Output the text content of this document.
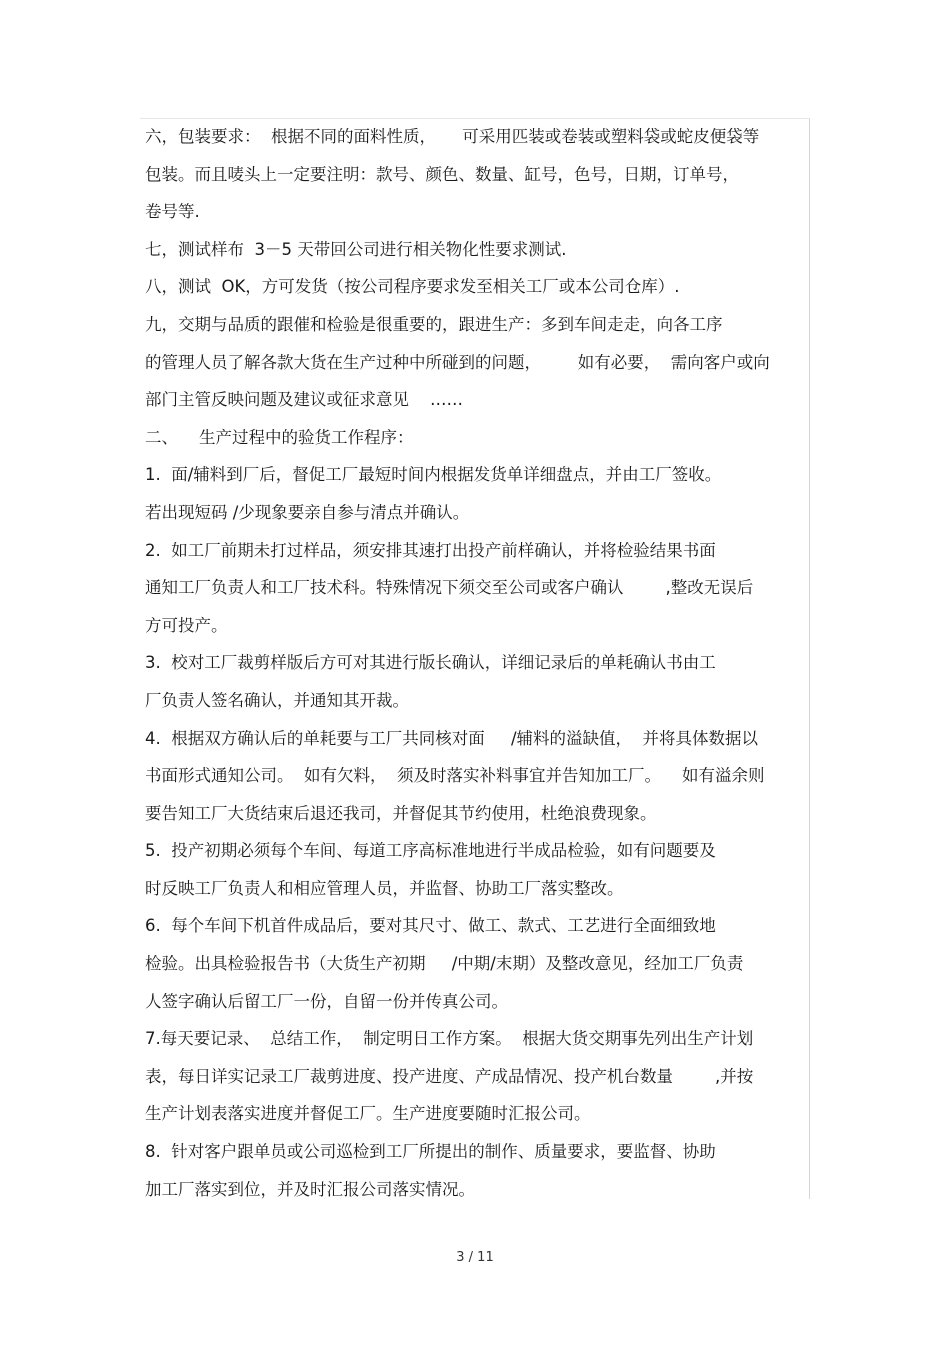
六，包装要求：  根据不同的面料性质，     可采用匹装或卷装或塑料袋或蛇皮便袋等
包装。而且唛头上一定要注明：款号、颜色、数量、缸号，色号，日期，订单号，
卷号等.
七，测试样布  3－5 天带回公司进行相关物化性要求测试.
八，测试  OK，方可发货（按公司程序要求发至相关工厂或本公司仓库）.
九，交期与品质的跟催和检验是很重要的，跟进生产：多到车间走走，向各工序
的管理人员了解各款大货在生产过种中所碰到的问题，       如有必要，  需向客户或向
部门主管反映问题及建议或征求意见    ……
二、    生产过程中的验货工作程序：
1.  面/辅料到厂后，督促工厂最短时间内根据发货单详细盘点，并由工厂签收。
若出现短码 /少现象要亲自参与清点并确认。
2.  如工厂前期未打过样品，须安排其速打出投产前样确认，并将检验结果书面
通知工厂负责人和工厂技术科。特殊情况下须交至公司或客户确认        ,整改无误后
方可投产。
3.  校对工厂裁剪样版后方可对其进行版长确认，详细记录后的单耗确认书由工
厂负责人签名确认，并通知其开裁。
4.  根据双方确认后的单耗要与工厂共同核对面     /辅料的溢缺值，  并将具体数据以
书面形式通知公司。  如有欠料，  须及时落实补料事宜并告知加工厂。    如有溢余则
要告知工厂大货结束后退还我司，并督促其节约使用，杜绝浪费现象。
5.  投产初期必须每个车间、每道工序高标准地进行半成品检验，如有问题要及
时反映工厂负责人和相应管理人员，并监督、协助工厂落实整改。
6.  每个车间下机首件成品后，要对其尺寸、做工、款式、工艺进行全面细致地
检验。出具检验报告书（大货生产初期     /中期/末期）及整改意见，经加工厂负责
人签字确认后留工厂一份，自留一份并传真公司。
7.每天要记录、  总结工作，  制定明日工作方案。  根据大货交期事先列出生产计划
表，每日详实记录工厂裁剪进度、投产进度、产成品情况、投产机台数量        ,并按
生产计划表落实进度并督促工厂。生产进度要随时汇报公司。
8.  针对客户跟单员或公司巡检到工厂所提出的制作、质量要求，要监督、协助
加工厂落实到位，并及时汇报公司落实情况。
3 / 11
